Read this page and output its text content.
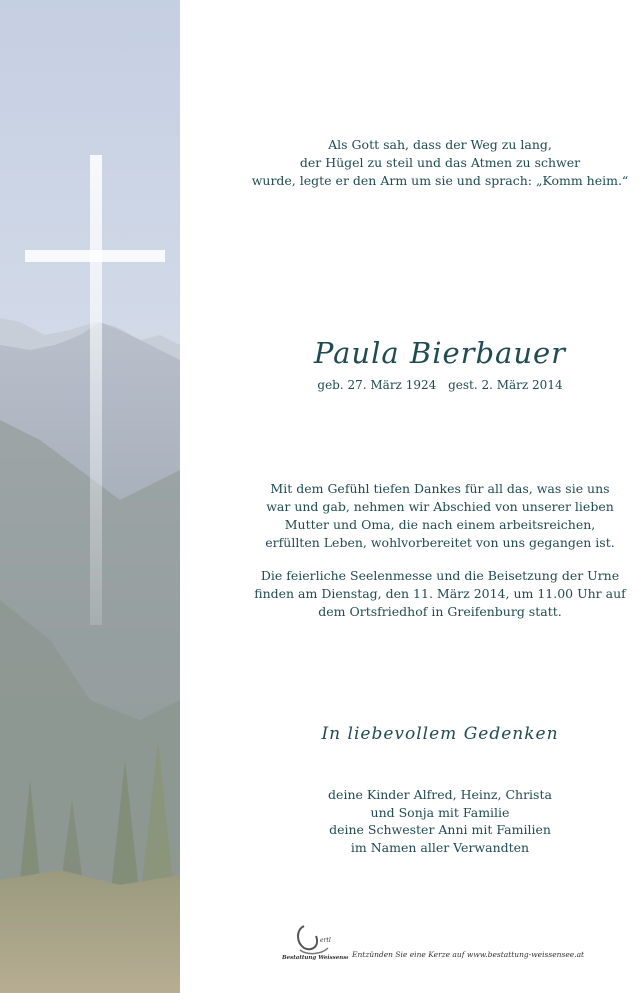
Als Gott sah, dass der Weg zu lang,
der Hügel zu steil und das Atmen zu schwer
wurde, legte er den Arm um sie und sprach: „Komm heim.“
Paula Bierbauer
geb. 27. März 1924 gest. 2. März 2014
Mit dem Gefühl tiefen Dankes für all das, was sie uns
war und gab, nehmen wir Abschied von unserer lieben
Mutter und Oma, die nach einem arbeitsreichen,
erfüllten Leben, wohlvorbereitet von uns gegangen ist.
Die feierliche Seelenmesse und die Beisetzung der Urne
finden am Dienstag, den 11. März 2014, um 11.00 Uhr auf
dem Ortsfriedhof in Greifenburg statt.
In liebevollem Gedenken
deine Kinder Alfred, Heinz, Christa
und Sonja mit Familie
deine Schwester Anni mit Familien
im Namen aller Verwandten
ertl
Bestattung Weissensee
Entzünden Sie eine Kerze auf www.bestattung-weissensee.at
